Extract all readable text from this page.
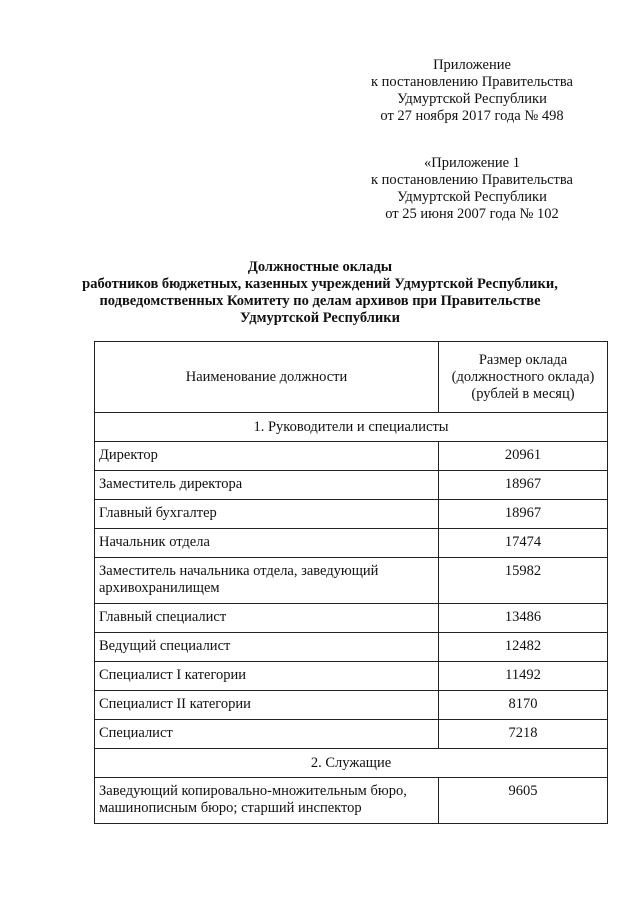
Приложение
к постановлению Правительства
Удмуртской Республики
от 27 ноября 2017 года № 498
«Приложение 1
к постановлению Правительства
Удмуртской Республики
от 25 июня 2007 года № 102
Должностные оклады
работников бюджетных, казенных учреждений Удмуртской Республики,
подведомственных Комитету по делам архивов при Правительстве
Удмуртской Республики
Наименование должности	Размер оклада
(должностного оклада)
(рублей в месяц)

1. Руководители и специалисты	
Директор	20961
Заместитель директора	18967
Главный бухгалтер	18967
Начальник отдела	17474
Заместитель начальника отдела, заведующий архивохранилищем	15982
Главный специалист	13486
Ведущий специалист	12482
Специалист I категории	11492
Специалист II категории	8170
Специалист	7218
2. Служащие	
Заведующий копировально-множительным бюро, машинописным бюро; старший инспектор	9605
